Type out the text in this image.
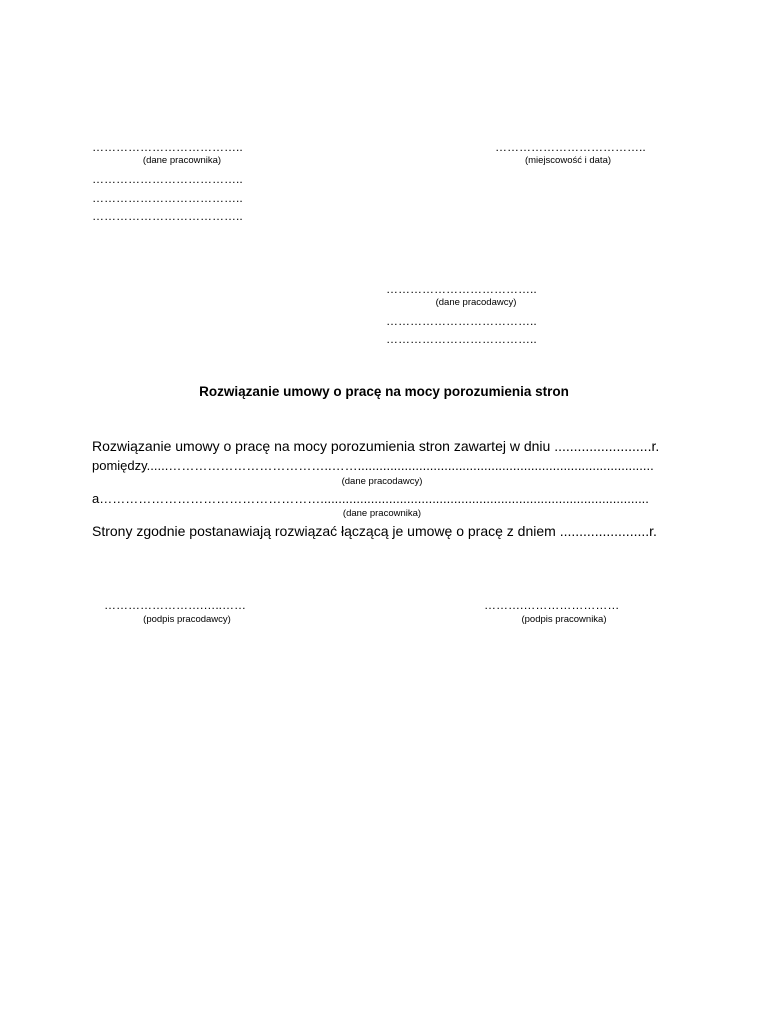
………………………………..
(dane pracownika)
………………………………..
………………………………..
………………………………..
………………………………..
(miejscowość i data)
………………………………..
(dane pracodawcy)
………………………………..
………………………………..
Rozwiązanie umowy o pracę na mocy porozumienia stron
Rozwiązanie umowy o pracę na mocy porozumienia stron zawartej w dniu .........................r.
pomiędzy......………………………………..……..................................................................................
(dane pracodawcy)
a……………………………………………...........................................................................................
(dane pracownika)
Strony zgodnie postanawiają rozwiązać łączącą je umowę o pracę z dniem .......................r.
…………………….…..……
(podpis pracodawcy)
……….……………………
(podpis pracownika)
